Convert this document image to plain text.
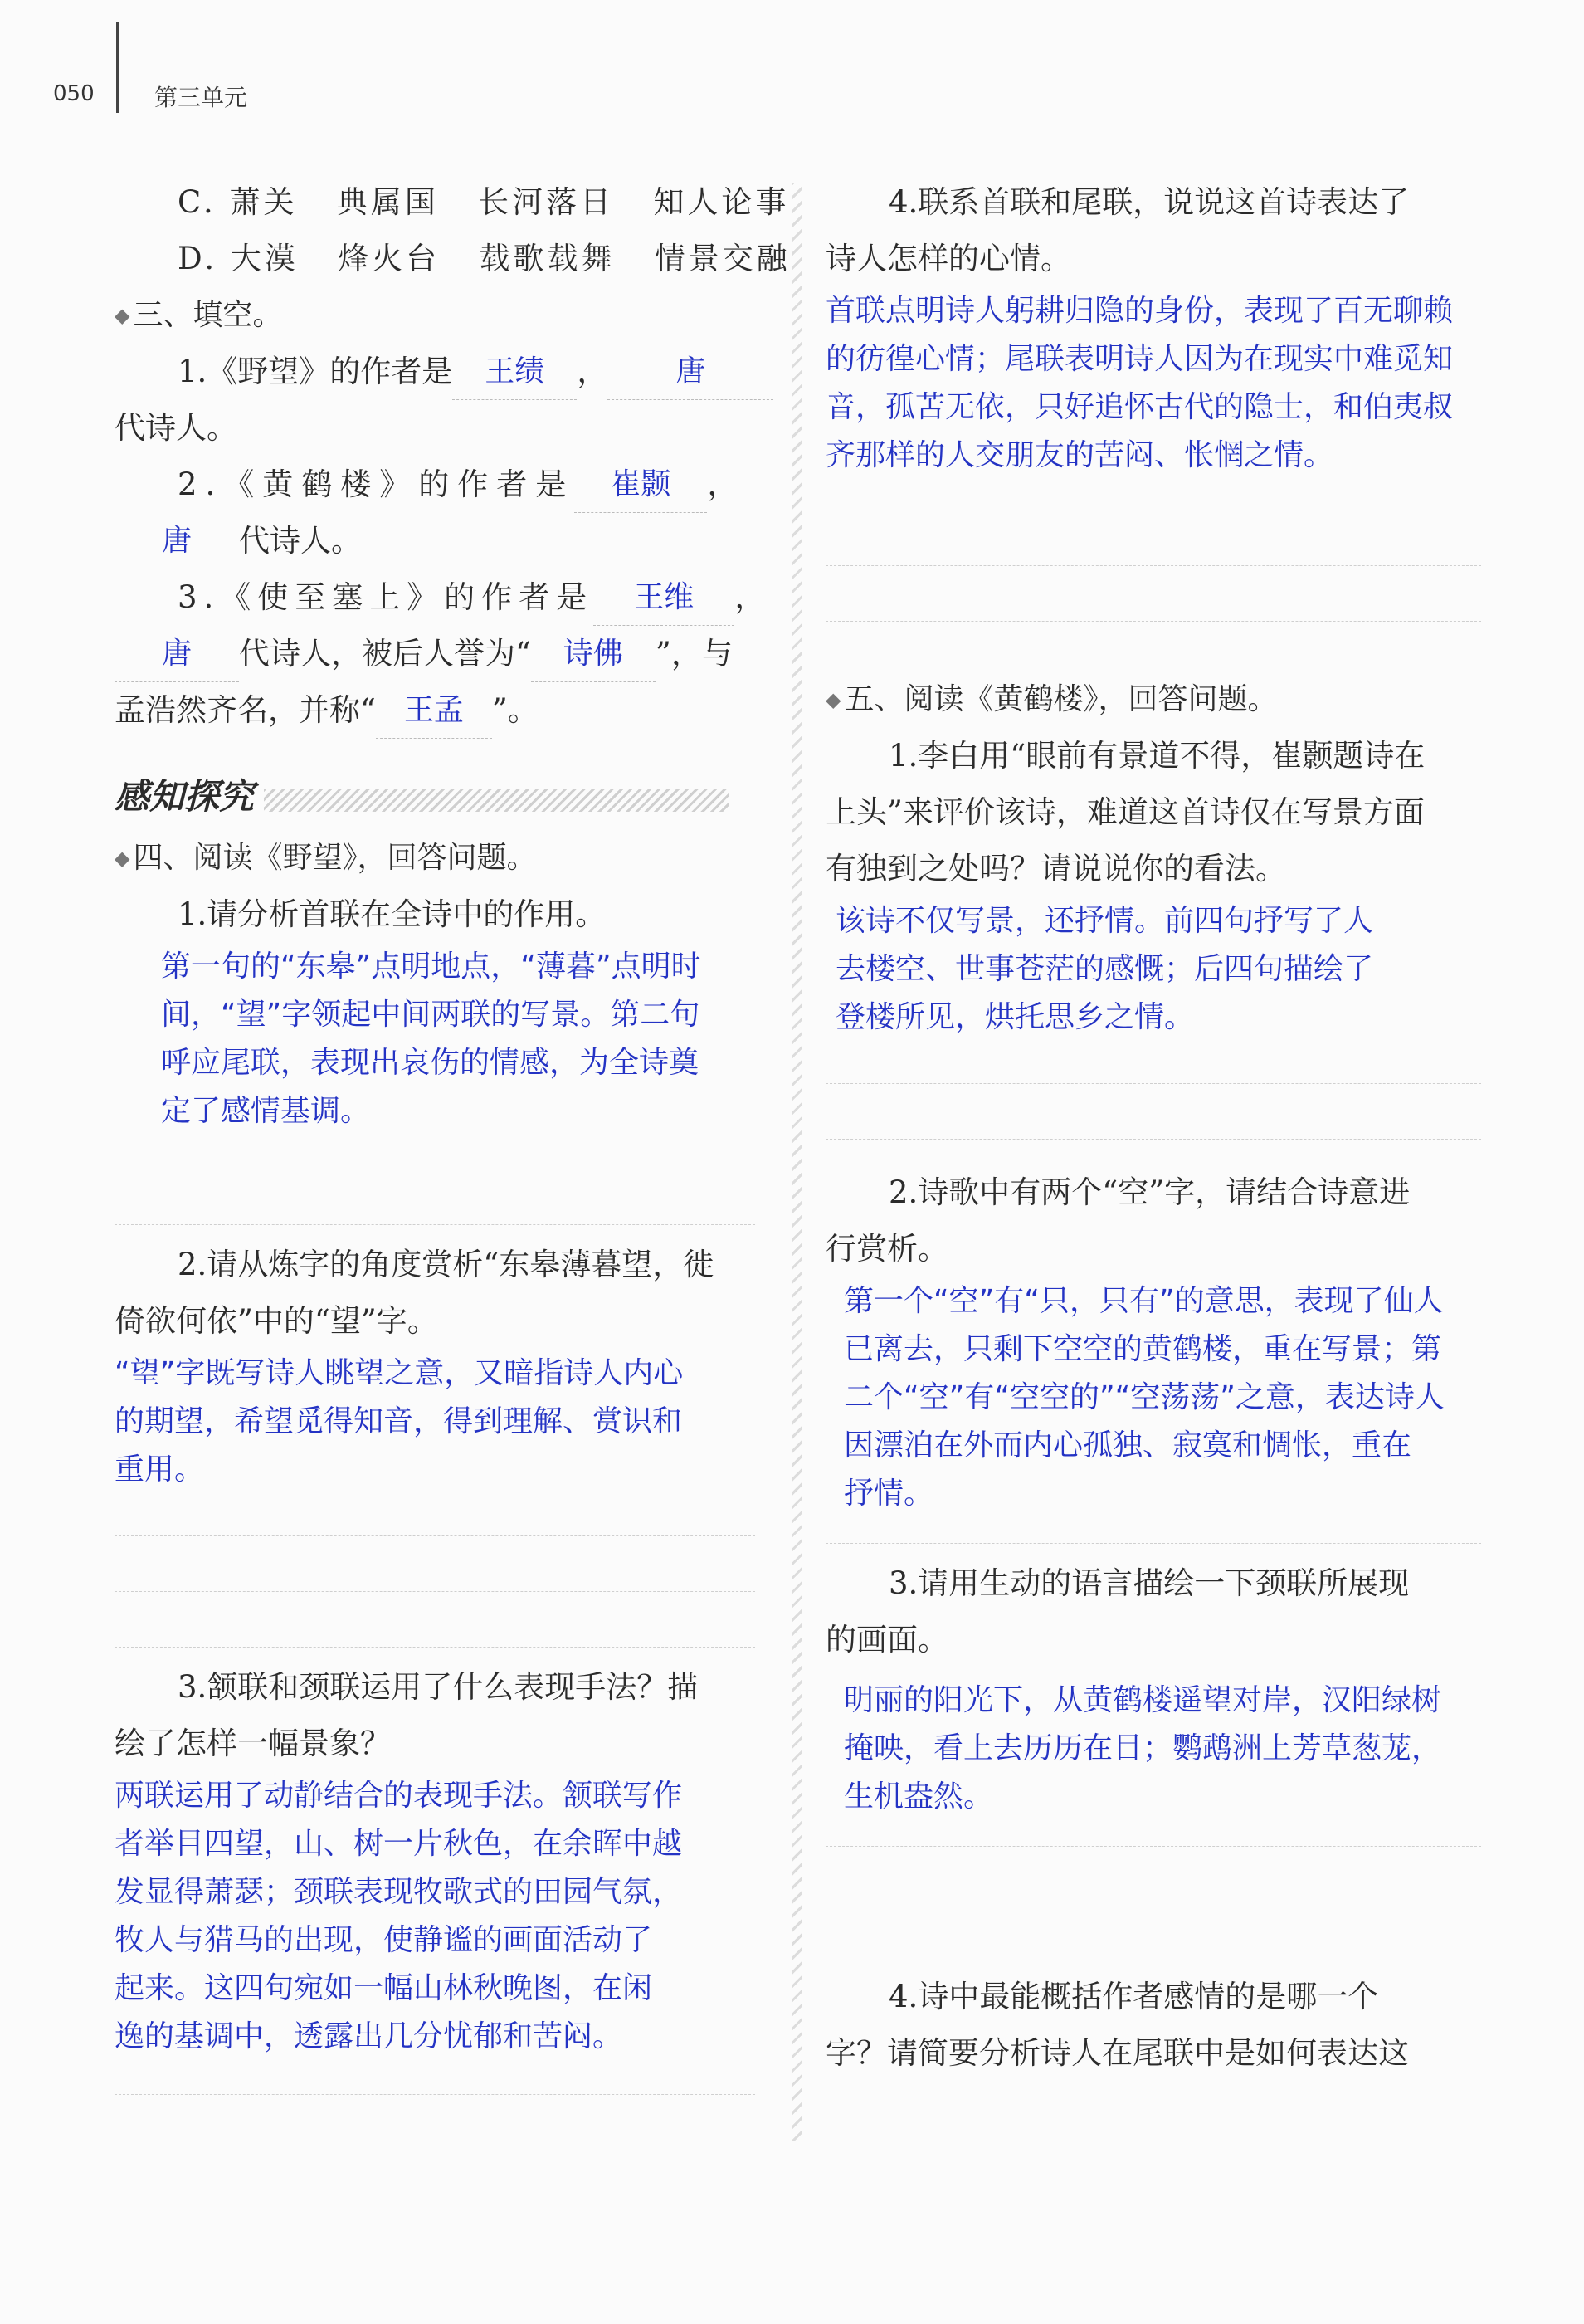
050	第三单元
C. 萧关 典属国 长河落日 知人论事
D. 大漠 烽火台 载歌载舞 情景交融
◆ 三、填空。
1.《野望》的作者是 王绩 ， 唐
代诗人。
2.《黄鹤楼》的作者是 崔颢 ，
唐 代诗人。
3.《使至塞上》的作者是 王维 ，
唐 代诗人，被后人誉为“ 诗佛 ”，与
孟浩然齐名，并称“ 王孟 ”。
感知探究
◆ 四、阅读《野望》，回答问题。
1.请分析首联在全诗中的作用。
第一句的“东皋”点明地点，“薄暮”点明时
间，“望”字领起中间两联的写景。第二句
呼应尾联，表现出哀伤的情感，为全诗奠
定了感情基调。
2.请从炼字的角度赏析“东皋薄暮望，徙
倚欲何依”中的“望”字。
“望”字既写诗人眺望之意，又暗指诗人内心
的期望，希望觅得知音，得到理解、赏识和
重用。
3.颔联和颈联运用了什么表现手法？描
绘了怎样一幅景象？
两联运用了动静结合的表现手法。颔联写作
者举目四望，山、树一片秋色，在余晖中越
发显得萧瑟；颈联表现牧歌式的田园气氛，
牧人与猎马的出现，使静谧的画面活动了
起来。这四句宛如一幅山林秋晚图，在闲
逸的基调中，透露出几分忧郁和苦闷。
4.联系首联和尾联，说说这首诗表达了
诗人怎样的心情。
首联点明诗人躬耕归隐的身份，表现了百无聊赖
的彷徨心情；尾联表明诗人因为在现实中难觅知
音，孤苦无依，只好追怀古代的隐士，和伯夷叔
齐那样的人交朋友的苦闷、怅惘之情。
◆ 五、阅读《黄鹤楼》，回答问题。
1.李白用“眼前有景道不得，崔颢题诗在
上头”来评价该诗，难道这首诗仅在写景方面
有独到之处吗？请说说你的看法。
该诗不仅写景，还抒情。前四句抒写了人
去楼空、世事苍茫的感慨；后四句描绘了
登楼所见，烘托思乡之情。
2.诗歌中有两个“空”字，请结合诗意进
行赏析。
第一个“空”有“只，只有”的意思，表现了仙人
已离去，只剩下空空的黄鹤楼，重在写景；第
二个“空”有“空空的”“空荡荡”之意，表达诗人
因漂泊在外而内心孤独、寂寞和惆怅，重在
抒情。
3.请用生动的语言描绘一下颈联所展现
的画面。
明丽的阳光下，从黄鹤楼遥望对岸，汉阳绿树
掩映，看上去历历在目；鹦鹉洲上芳草葱茏，
生机盎然。
4.诗中最能概括作者感情的是哪一个
字？请简要分析诗人在尾联中是如何表达这
